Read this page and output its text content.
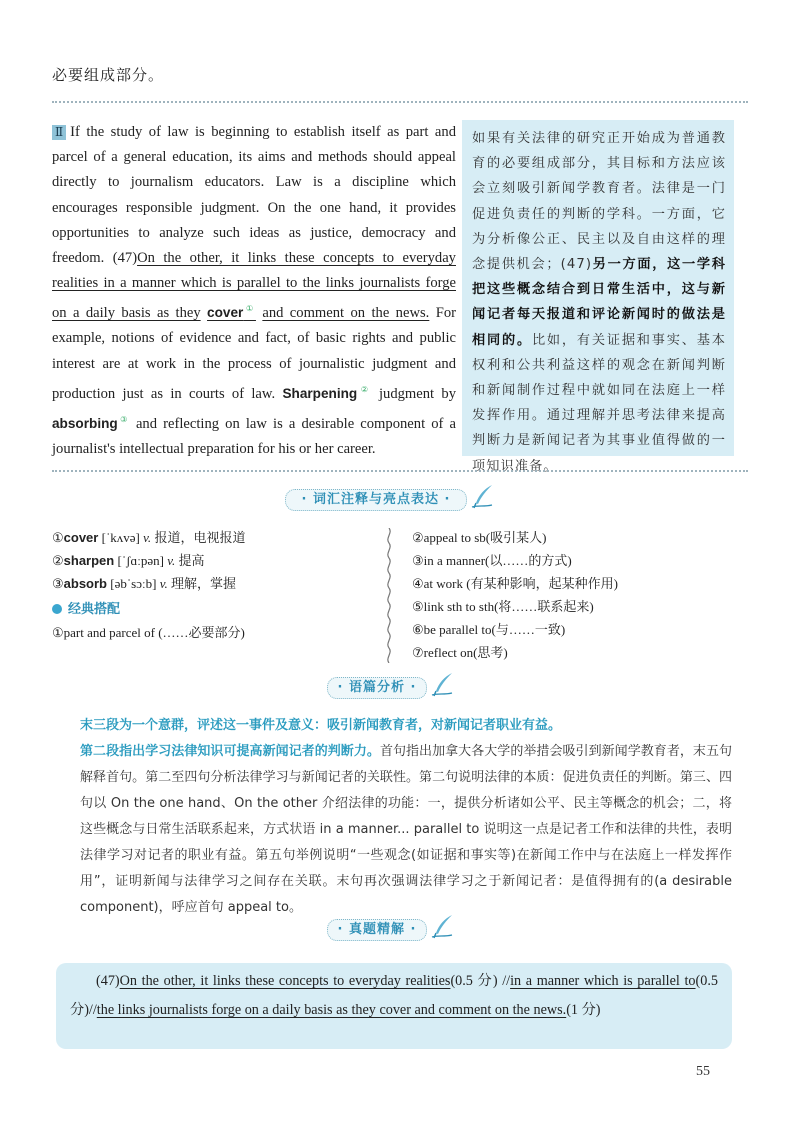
必要组成部分。
Ⅱ If the study of law is beginning to establish itself as part and parcel of a general education, its aims and methods should appeal directly to journalism educators. Law is a discipline which encourages responsible judgment. On the one hand, it provides opportunities to analyze such ideas as justice, democracy and freedom. (47)On the other, it links these concepts to everyday realities in a manner which is parallel to the links journalists forge on a daily basis as they cover① and comment on the news. For example, notions of evidence and fact, of basic rights and public interest are at work in the process of journalistic judgment and production just as in courts of law. Sharpening② judgment by absorbing③ and reflecting on law is a desirable component of a journalist's intellectual preparation for his or her career.
如果有关法律的研究正开始成为普通教育的必要组成部分，其目标和方法应该会立刻吸引新闻学教育者。法律是一门促进负责任的判断的学科。一方面，它为分析像公正、民主以及自由这样的理念提供机会；(47)另一方面，这一学科把这些概念结合到日常生活中，这与新闻记者每天报道和评论新闻时的做法是相同的。比如，有关证据和事实、基本权利和公共利益这样的观念在新闻判断和新闻制作过程中就如同在法庭上一样发挥作用。通过理解并思考法律来提高判断力是新闻记者为其事业值得做的一项知识准备。
· 词汇注释与亮点表达 ·
①cover [ˈkʌvə] v. 报道，电视报道
②sharpen [ˈʃɑːpən] v. 提高
③absorb [əbˈsɔːb] v. 理解，掌握
经典搭配
①part and parcel of (……必要部分)
②appeal to sb(吸引某人)
③in a manner(以……的方式)
④at work (有某种影响，起某种作用)
⑤link sth to sth(将……联系起来)
⑥be parallel to(与……一致)
⑦reflect on(思考)
· 语篇分析 ·

末三段为一个意群，评述这一事件及意义：吸引新闻教育者，对新闻记者职业有益。

第二段指出学习法律知识可提高新闻记者的判断力。首句指出加拿大各大学的举措会吸引到新闻学教育者，末五句解释首句。第二至四句分析法律学习与新闻记者的关联性。第二句说明法律的本质：促进负责任的判断。第三、四句以 On the one hand、On the other 介绍法律的功能：一，提供分析诸如公平、民主等概念的机会；二，将这些概念与日常生活联系起来，方式状语 in a manner... parallel to 说明这一点是记者工作和法律的共性，表明法律学习对记者的职业有益。第五句举例说明“一些观念(如证据和事实等)在新闻工作中与在法庭上一样发挥作用”，证明新闻与法律学习之间存在关联。末句再次强调法律学习之于新闻记者：是值得拥有的(a desirable component)，呼应首句 appeal to。

· 真题精解 ·
(47)On the other, it links these concepts to everyday realities(0.5 分) //in a manner which is parallel to(0.5 分)//the links journalists forge on a daily basis as they cover and comment on the news.(1 分)
55
